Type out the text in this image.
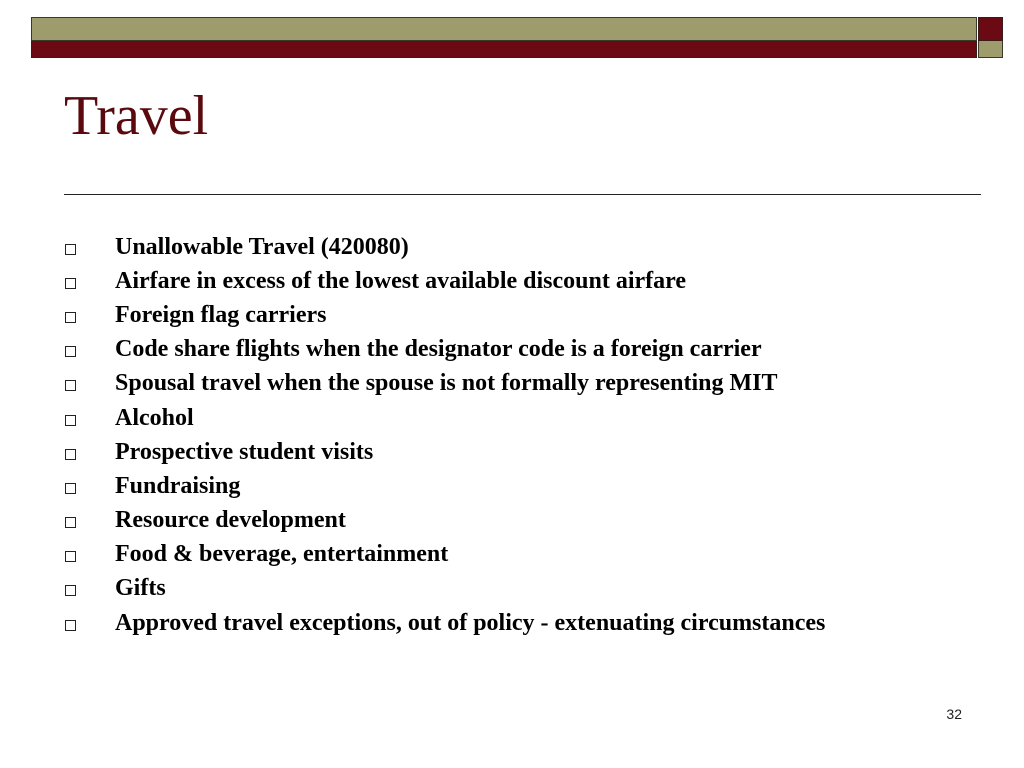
Travel
Unallowable Travel (420080)
Airfare in excess of the lowest available discount airfare
Foreign flag carriers
Code share flights when the designator code is a foreign carrier
Spousal travel when the spouse is not formally representing MIT
Alcohol
Prospective student visits
Fundraising
Resource development
Food & beverage, entertainment
Gifts
Approved travel exceptions, out of policy - extenuating circumstances
32
